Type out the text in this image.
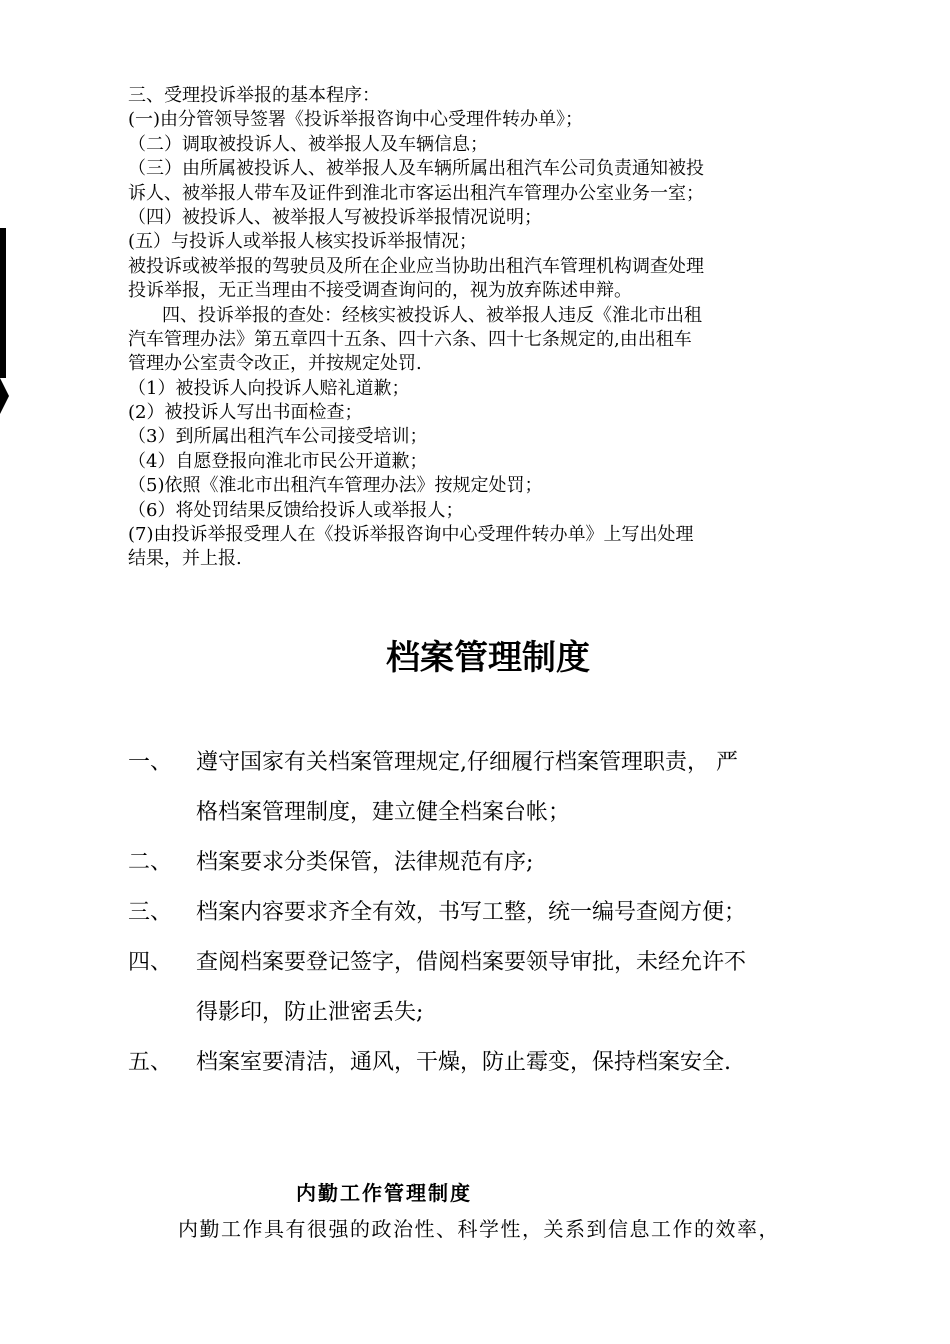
三、受理投诉举报的基本程序：
(一)由分管领导签署《投诉举报咨询中心受理件转办单》；
（二）调取被投诉人、被举报人及车辆信息；
（三）由所属被投诉人、被举报人及车辆所属出租汽车公司负责通知被投
诉人、被举报人带车及证件到淮北市客运出租汽车管理办公室业务一室；
（四）被投诉人、被举报人写被投诉举报情况说明；
(五）与投诉人或举报人核实投诉举报情况；
被投诉或被举报的驾驶员及所在企业应当协助出租汽车管理机构调查处理
投诉举报，无正当理由不接受调查询问的，视为放弃陈述申辩。
四、投诉举报的查处：经核实被投诉人、被举报人违反《淮北市出租
汽车管理办法》第五章四十五条、四十六条、四十七条规定的,由出租车
管理办公室责令改正，并按规定处罚.
（1）被投诉人向投诉人赔礼道歉；
(2）被投诉人写出书面检查；
（3）到所属出租汽车公司接受培训；
（4）自愿登报向淮北市民公开道歉；
（5)依照《淮北市出租汽车管理办法》按规定处罚；
（6）将处罚结果反馈给投诉人或举报人；
(7)由投诉举报受理人在《投诉举报咨询中心受理件转办单》上写出处理
结果，并上报.
档案管理制度
一、 遵守国家有关档案管理规定,仔细履行档案管理职责， 严
格档案管理制度，建立健全档案台帐；
二、 档案要求分类保管，法律规范有序;
三、 档案内容要求齐全有效，书写工整，统一编号查阅方便；
四、 查阅档案要登记签字，借阅档案要领导审批，未经允许不
得影印，防止泄密丢失;
五、 档案室要清洁，通风，干燥，防止霉变，保持档案安全.
内勤工作管理制度
内勤工作具有很强的政治性、科学性，关系到信息工作的效率，
